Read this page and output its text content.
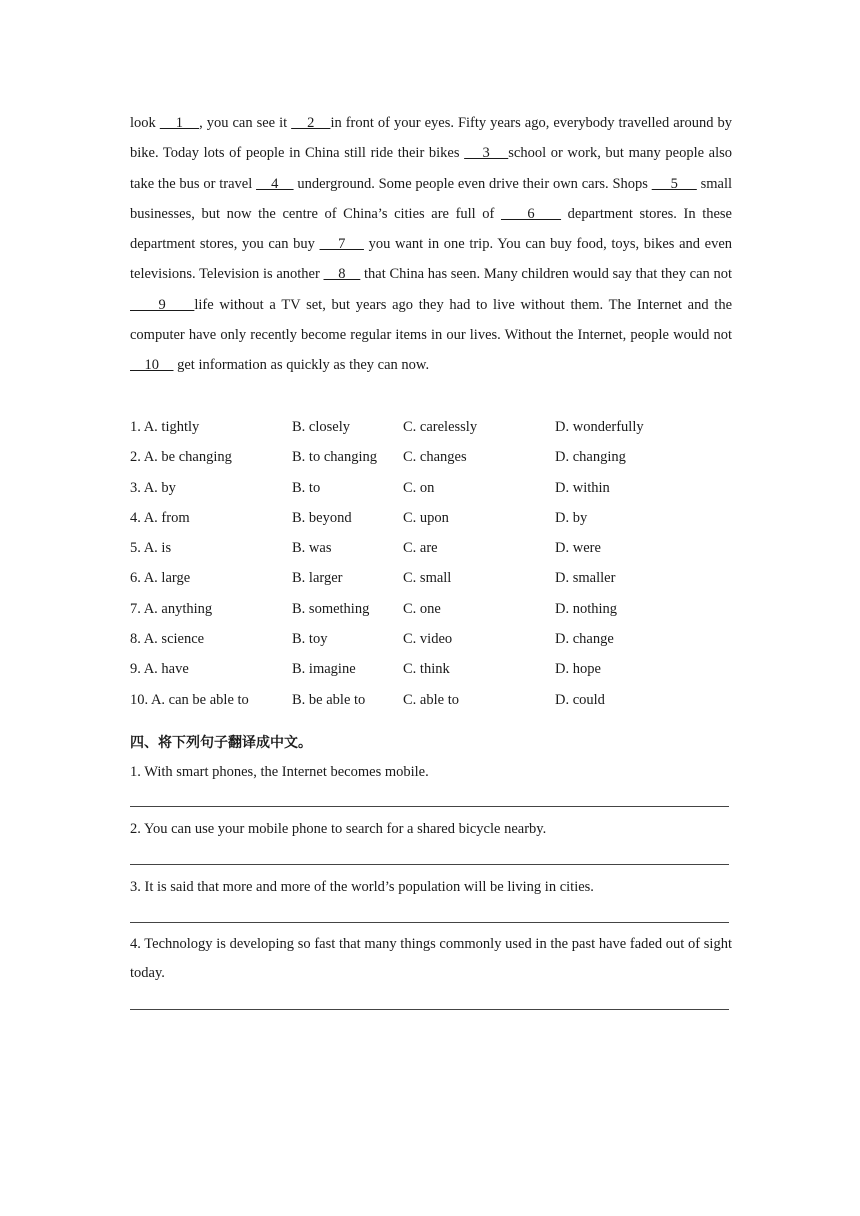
look     1    , you can see it     2    in front of your eyes. Fifty years ago, everybody travelled around by bike. Today lots of people in China still ride their bikes     3    school or work, but many people also take the bus or travel     4     underground. Some people even drive their own cars. Shops      5      small businesses, but now the centre of China’s cities are full of     6     department stores. In these department stores, you can buy     7     you want in one trip. You can buy food, toys, bikes and even televisions. Television is another     8     that China has seen. Many children would say that they can not      9     life without a TV set, but years ago they had to live without them. The Internet and the computer have only recently become regular items in our lives. Without the Internet, people would not     10     get information as quickly as they can now.
1. A. tightly	B. closely	C. carelessly	D. wonderfully
2. A. be changing	B. to changing C. changes	D. changing
3. A. by	B. to	C. on	D. within
4. A. from	B. beyond	C. upon	D. by
5. A. is	B. was	C. are	D. were
6. A. large	B. larger	C. small	D. smaller
7. A. anything	B. something C. one	D. nothing
8. A. science	B. toy	C. video	D. change
9. A. have	B. imagine	C. think	D. hope
10. A. can be able to	B. be able to	C. able to	D. could
四、将下列句子翻译成中文。
1. With smart phones, the Internet becomes mobile.
2. You can use your mobile phone to search for a shared bicycle nearby.
3. It is said that more and more of the world’s population will be living in cities.
4. Technology is developing so fast that many things commonly used in the past have faded out of sight today.
